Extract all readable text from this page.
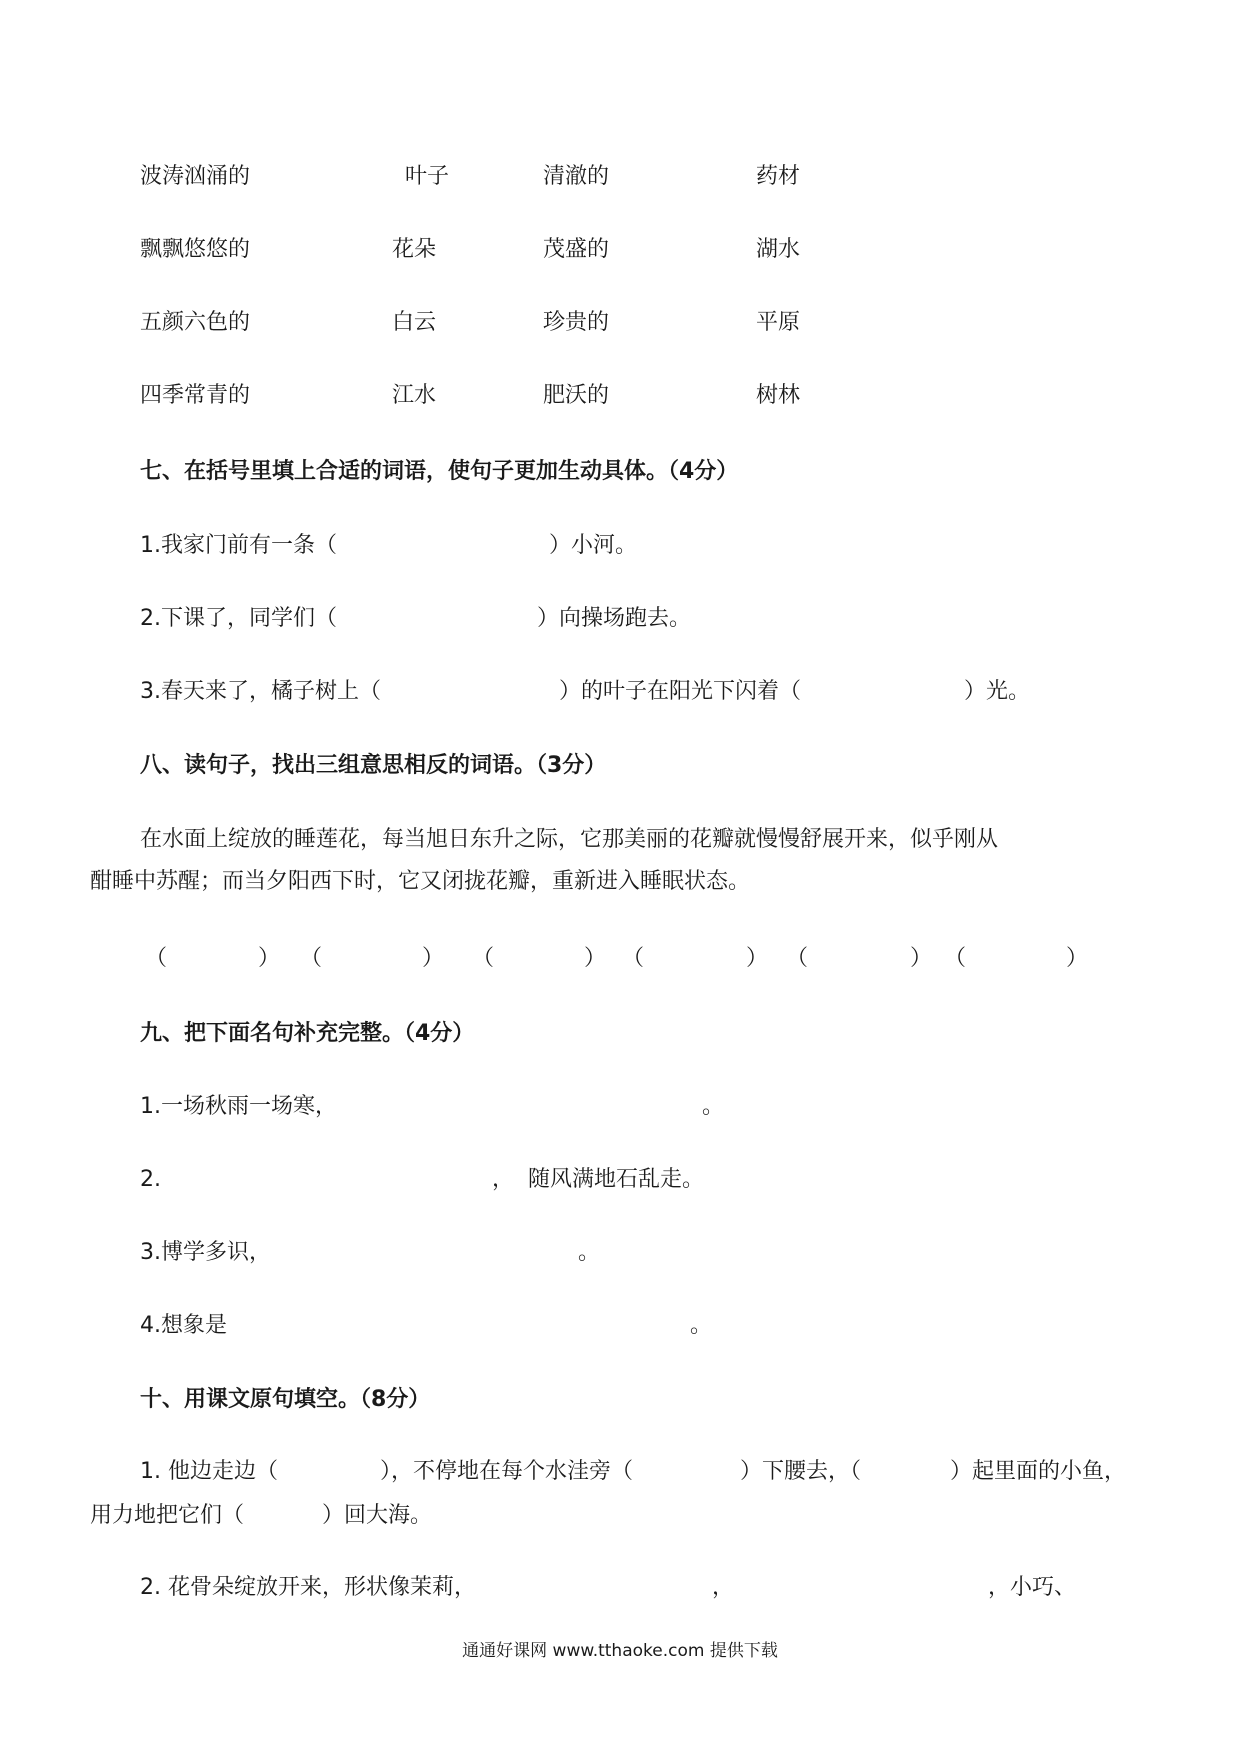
波涛汹涌的	叶子	清澈的	药材
飘飘悠悠的	花朵	茂盛的	湖水
五颜六色的	白云	珍贵的	平原
四季常青的	江水	肥沃的	树林
七、在括号里填上合适的词语，使句子更加生动具体。（4分）
1.我家门前有一条（	）小河。
2.下课了，同学们（	）向操场跑去。
3.春天来了，橘子树上（	）的叶子在阳光下闪着（	）光。
八、读句子，找出三组意思相反的词语。（3分）
在水面上绽放的睡莲花，每当旭日东升之际，它那美丽的花瓣就慢慢舒展开来，似乎刚从
酣睡中苏醒；而当夕阳西下时，它又闭拢花瓣，重新进入睡眠状态。
（	） （	） （	） （	） （	） （	）
九、把下面名句补充完整。（4分）
1.一场秋雨一场寒，	。
2.	，  随风满地石乱走。
3.博学多识，	。
4.想象是	。
十、用课文原句填空。（8分）
1. 他边走边（	），不停地在每个水洼旁（	）下腰去，（	）起里面的小鱼，
用力地把它们（	）回大海。
2. 花骨朵绽放开来，形状像茉莉，	，	，小巧、
通通好课网 www.tthaoke.com 提供下载
